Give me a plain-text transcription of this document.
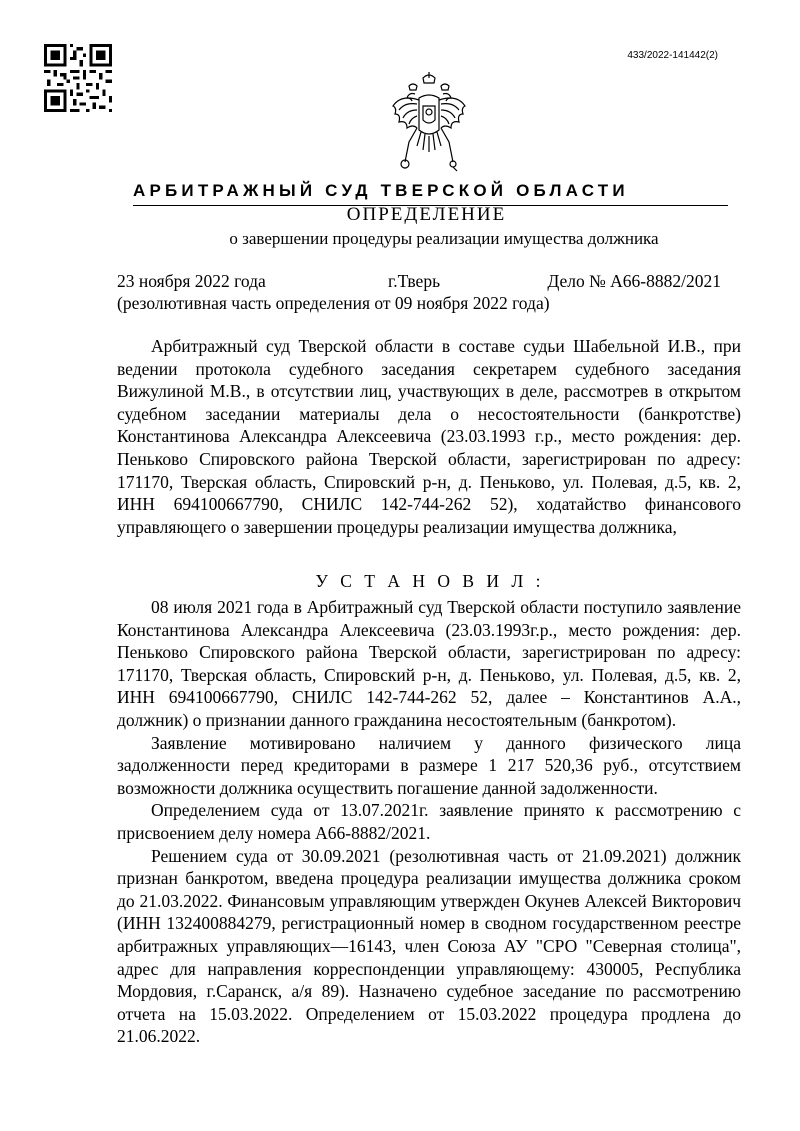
433/2022-141442(2)
АРБИТРАЖНЫЙ СУД ТВЕРСКОЙ ОБЛАСТИ
ОПРЕДЕЛЕНИЕ
о завершении процедуры реализации имущества должника
23 ноября 2022 года	г.Тверь	Дело № А66-8882/2021
(резолютивная часть определения от 09 ноября 2022 года)

Арбитражный суд Тверской области в составе судьи Шабельной И.В., при ведении протокола судебного заседания секретарем судебного заседания Вижулиной М.В., в отсутствии лиц, участвующих в деле, рассмотрев в открытом судебном заседании материалы дела о несостоятельности (банкротстве) Константинова Александра Алексеевича (23.03.1993 г.р., место рождения: дер. Пеньково Спировского района Тверской области, зарегистрирован по адресу: 171170, Тверская область, Спировский р-н, д. Пеньково, ул. Полевая, д.5, кв. 2, ИНН 694100667790, СНИЛС 142-744-262 52), ходатайство финансового управляющего о завершении процедуры реализации имущества должника,

У С Т А Н О В И Л :

08 июля 2021 года в Арбитражный суд Тверской области поступило заявление Константинова Александра Алексеевича (23.03.1993г.р., место рождения: дер. Пеньково Спировского района Тверской области, зарегистрирован по адресу: 171170, Тверская область, Спировский р-н, д. Пеньково, ул. Полевая, д.5, кв. 2, ИНН 694100667790, СНИЛС 142-744-262 52, далее – Константинов А.А., должник) о признании данного гражданина несостоятельным (банкротом).

Заявление мотивировано наличием у данного физического лица задолженности перед кредиторами в размере 1 217 520,36 руб., отсутствием возможности должника осуществить погашение данной задолженности.

Определением суда от 13.07.2021г. заявление принято к рассмотрению с присвоением делу номера А66-8882/2021.

Решением суда от 30.09.2021 (резолютивная часть от 21.09.2021) должник признан банкротом, введена процедура реализации имущества должника сроком до 21.03.2022. Финансовым управляющим утвержден Окунев Алексей Викторович (ИНН 132400884279, регистрационный номер в сводном государственном реестре арбитражных управляющих—16143, член Союза АУ "СРО "Северная столица", адрес для направления корреспонденции управляющему: 430005, Республика Мордовия, г.Саранск, а/я 89). Назначено судебное заседание по рассмотрению отчета на 15.03.2022. Определением от 15.03.2022 процедура продлена до 21.06.2022.
